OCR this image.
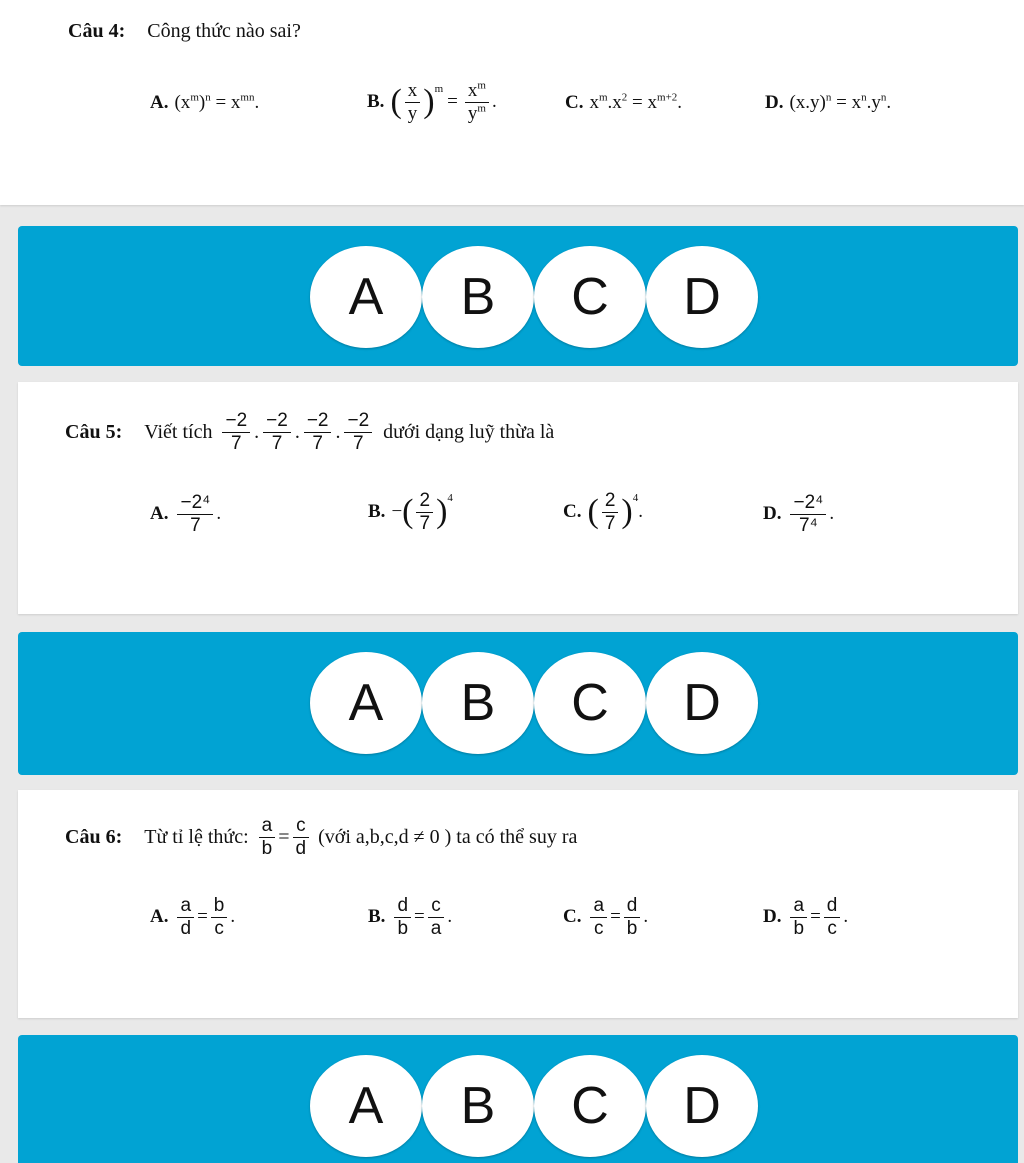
Câu 4: Công thức nào sai?
A. $(x^m)^n = x^{mn}$.	B. ( $\frac{x}{y}$ ) m
= $\frac{x^m}{y^m}$ .	C. $x^m.x^2 = x^{m+2}$.	D. $(x.y)^n = x^n.y^n$.
A	B	C	D
Câu 5: Viết tích $\frac{-2}{7}$ . $\frac{-2}{7}$ . $\frac{-2}{7}$ . $\frac{-2}{7}$ dưới dạng luỹ thừa là
A. $\frac{\text{−2⁴}}{7}$ .	B. − ( $\frac{2}{7}$ ) 4
C. ( $\frac{2}{7}$ ) 4
.	D. $\frac{\text{−2⁴}}{\text{7⁴}}$ .
A	B	C	D
Câu 6: Từ tỉ lệ thức: $\frac{a}{b} = \frac{c}{d}$ (với a,b,c,d ≠ 0 ) ta có thể suy ra
A. $\frac{a}{d} = \frac{b}{c}$ .	B. $\frac{d}{b} = \frac{c}{a}$ .	C. $\frac{a}{c} = \frac{d}{b}$ .	D. $\frac{a}{b} = \frac{d}{c}$ .
A	B	C	D
